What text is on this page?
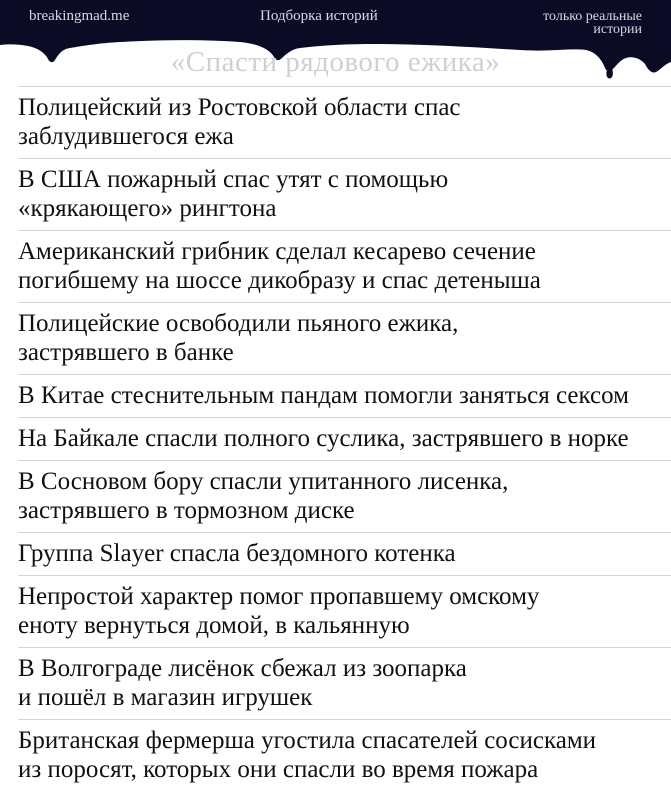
breakingmad.me	Подборка историй	только реальные
истории
«Спасти рядового ежика»
Полицейский из Ростовской области спас
заблудившегося ежа
В США пожарный спас утят с помощью
«крякающего» рингтона
Американский грибник сделал кесарево сечение
погибшему на шоссе дикобразу и спас детеныша
Полицейские освободили пьяного ежика,
застрявшего в банке
В Китае стеснительным пандам помогли заняться сексом
На Байкале спасли полного суслика, застрявшего в норке
В Сосновом бору спасли упитанного лисенка,
застрявшего в тормозном диске
Группа Slayer спасла бездомного котенка
Непростой характер помог пропавшему омскому
еноту вернуться домой, в кальянную
В Волгограде лисёнок сбежал из зоопарка
и пошёл в магазин игрушек
Британская фермерша угостила спасателей сосисками
из поросят, которых они спасли во время пожара
